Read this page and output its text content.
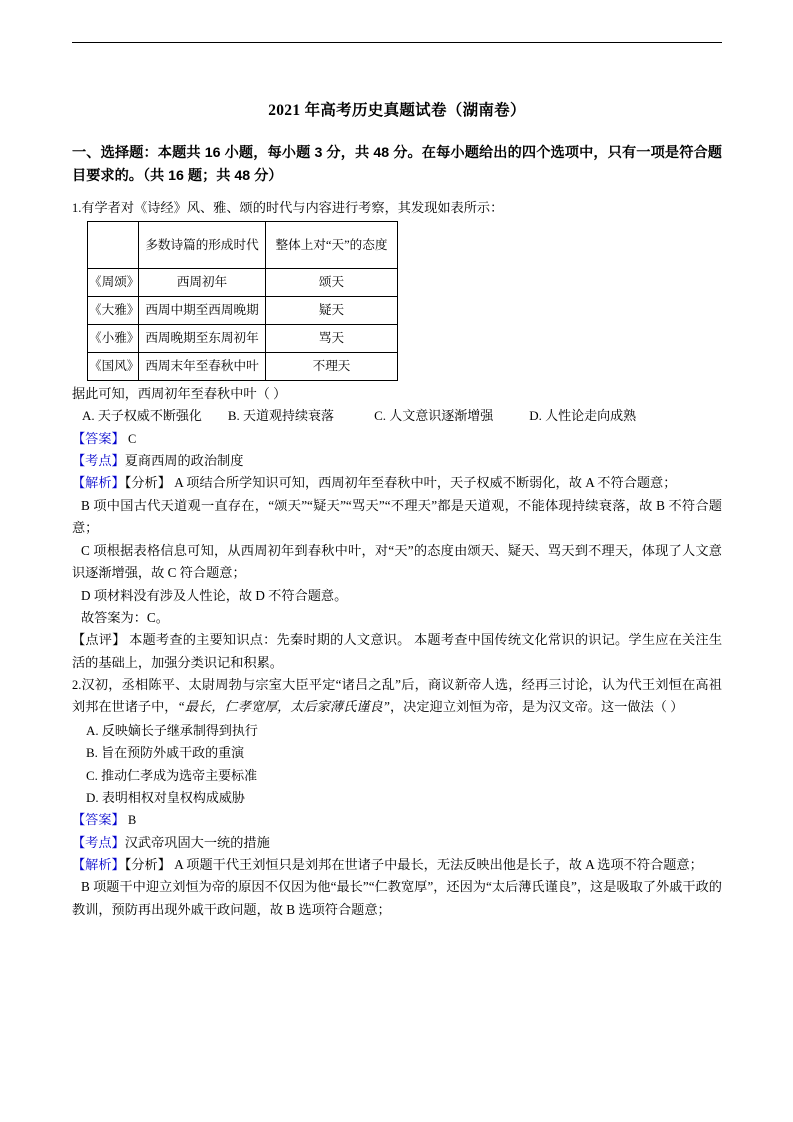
2021 年高考历史真题试卷（湖南卷）
一、选择题：本题共 16 小题，每小题 3 分，共 48 分。在每小题给出的四个选项中，只有一项是符合题目要求的。（共 16 题；共 48 分）

1.有学者对《诗经》风、雅、颂的时代与内容进行考察，其发现如表所示：

	多数诗篇的形成时代	整体上对“天”的态度
《周颂》	西周初年	颂天
《大雅》	西周中期至西周晚期	疑天
《小雅》	西周晚期至东周初年	骂天
《国风》	西周末年至春秋中叶	不理天

据此可知，西周初年至春秋中叶（ ）

A. 天子权威不断强化 B. 天道观持续衰落	C. 人文意识逐渐增强	D. 人性论走向成熟

【答案】 C

【考点】夏商西周的政治制度

【解析】【分析】 A 项结合所学知识可知，西周初年至春秋中叶，天子权威不断弱化，故 A 不符合题意；

B 项中国古代天道观一直存在，“颂天”“疑天”“骂天”“不理天”都是天道观，不能体现持续衰落，故 B 不符合题意；

C 项根据表格信息可知，从西周初年到春秋中叶，对“天”的态度由颂天、疑天、骂天到不理天，体现了人文意识逐渐增强，故 C 符合题意；

D 项材料没有涉及人性论，故 D 不符合题意。

故答案为：C。

【点评】 本题考查的主要知识点：先秦时期的人文意识。 本题考查中国传统文化常识的识记。学生应在关注生活的基础上，加强分类识记和积累。

2.汉初，丞相陈平、太尉周勃与宗室大臣平定“诸吕之乱”后，商议新帝人选，经再三讨论，认为代王刘恒在高祖刘邦在世诸子中，“最长，仁孝宽厚，太后家薄氏谨良”，决定迎立刘恒为帝，是为汉文帝。这一做法（ ）

A. 反映嫡长子继承制得到执行
B. 旨在预防外戚干政的重演
C. 推动仁孝成为选帝主要标准
D. 表明相权对皇权构成威胁

【答案】 B

【考点】汉武帝巩固大一统的措施

【解析】【分析】 A 项题干代王刘恒只是刘邦在世诸子中最长，无法反映出他是长子，故 A 选项不符合题意；

B 项题干中迎立刘恒为帝的原因不仅因为他“最长”“仁教宽厚”，还因为“太后薄氏谨良”，这是吸取了外戚干政的教训，预防再出现外戚干政问题，故 B 选项符合题意；
